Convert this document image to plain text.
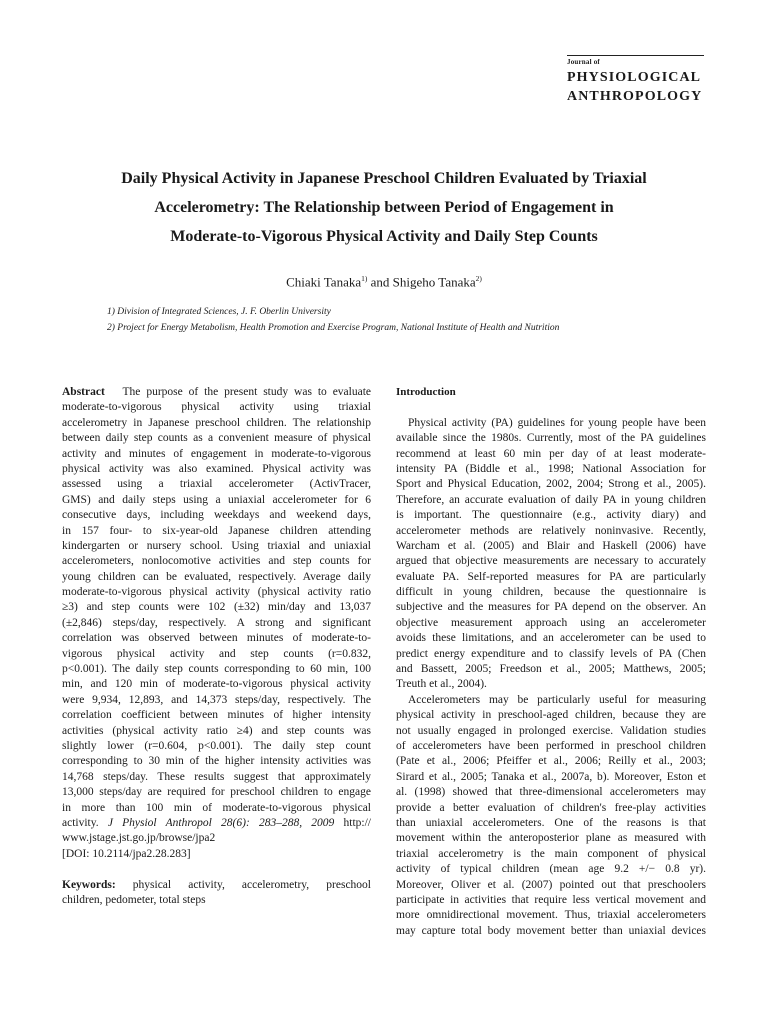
Journal of
PHYSIOLOGICAL
ANTHROPOLOGY
Daily Physical Activity in Japanese Preschool Children Evaluated by Triaxial
Accelerometry: The Relationship between Period of Engagement in
Moderate-to-Vigorous Physical Activity and Daily Step Counts
Chiaki Tanaka$^{1)}$ and Shigeho Tanaka$^{2)}$
1) Division of Integrated Sciences, J. F. Oberlin University
2) Project for Energy Metabolism, Health Promotion and Exercise Program, National Institute of Health and Nutrition
Abstract The purpose of the present study was to evaluate
moderate-to-vigorous physical activity using triaxial
accelerometry in Japanese preschool children. The relationship
between daily step counts as a convenient measure of physical
activity and minutes of engagement in moderate-to-vigorous
physical activity was also examined. Physical activity was
assessed using a triaxial accelerometer (ActivTracer,
GMS) and daily steps using a uniaxial accelerometer for 6
consecutive days, including weekdays and weekend days,
in 157 four- to six-year-old Japanese children attending
kindergarten or nursery school. Using triaxial and uniaxial
accelerometers, nonlocomotive activities and step counts for
young children can be evaluated, respectively. Average daily
moderate-to-vigorous physical activity (physical activity ratio
≥3) and step counts were 102 (±32) min/day and 13,037
(±2,846) steps/day, respectively. A strong and significant
correlation was observed between minutes of moderate-to-
vigorous physical activity and step counts (r=0.832,
p<0.001). The daily step counts corresponding to 60 min, 100
min, and 120 min of moderate-to-vigorous physical activity
were 9,934, 12,893, and 14,373 steps/day, respectively. The
correlation coefficient between minutes of higher intensity
activities (physical activity ratio ≥4) and step counts was
slightly lower (r=0.604, p<0.001). The daily step count
corresponding to 30 min of the higher intensity activities was
14,768 steps/day. These results suggest that approximately
13,000 steps/day are required for preschool children to engage
in more than 100 min of moderate-to-vigorous physical
activity. J Physiol Anthropol 28(6): 283–288, 2009 http://
www.jstage.jst.go.jp/browse/jpa2
[DOI: 10.2114/jpa2.28.283]
Keywords: physical activity, accelerometry, preschool
children, pedometer, total steps
Introduction
Physical activity (PA) guidelines for young people have been
available since the 1980s. Currently, most of the PA guidelines
recommend at least 60 min per day of at least moderate-
intensity PA (Biddle et al., 1998; National Association for
Sport and Physical Education, 2002, 2004; Strong et al., 2005).
Therefore, an accurate evaluation of daily PA in young children
is important. The questionnaire (e.g., activity diary) and
accelerometer methods are relatively noninvasive. Recently,
Warcham et al. (2005) and Blair and Haskell (2006) have
argued that objective measurements are necessary to accurately
evaluate PA. Self-reported measures for PA are particularly
difficult in young children, because the questionnaire is
subjective and the measures for PA depend on the observer. An
objective measurement approach using an accelerometer
avoids these limitations, and an accelerometer can be used to
predict energy expenditure and to classify levels of PA (Chen
and Bassett, 2005; Freedson et al., 2005; Matthews, 2005;
Treuth et al., 2004).
Accelerometers may be particularly useful for measuring
physical activity in preschool-aged children, because they are
not usually engaged in prolonged exercise. Validation studies
of accelerometers have been performed in preschool children
(Pate et al., 2006; Pfeiffer et al., 2006; Reilly et al., 2003;
Sirard et al., 2005; Tanaka et al., 2007a, b). Moreover, Eston et
al. (1998) showed that three-dimensional accelerometers may
provide a better evaluation of children's free-play activities
than uniaxial accelerometers. One of the reasons is that
movement within the anteroposterior plane as measured with
triaxial accelerometry is the main component of physical
activity of typical children (mean age 9.2 +/− 0.8 yr).
Moreover, Oliver et al. (2007) pointed out that preschoolers
participate in activities that require less vertical movement and
more omnidirectional movement. Thus, triaxial accelerometers
may capture total body movement better than uniaxial devices
